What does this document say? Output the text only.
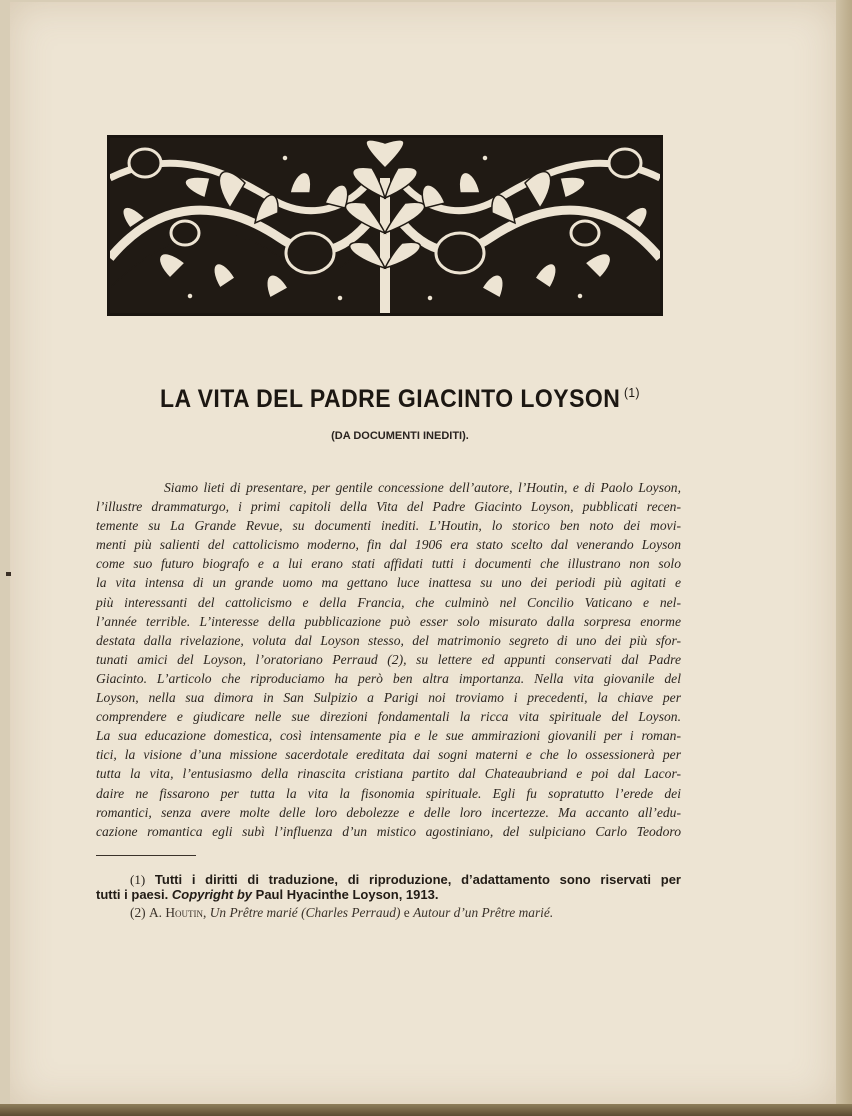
LA VITA DEL PADRE GIACINTO LOYSON $^{(1)}$
(DA DOCUMENTI INEDITI).
Siamo lieti di presentare, per gentile concessione dell’autore, l’Houtin, e di Paolo Loyson,
l’illustre drammaturgo, i primi capitoli della Vita del Padre Giacinto Loyson, pubblicati recen-
temente su La Grande Revue, su documenti inediti. L’Houtin, lo storico ben noto dei movi-
menti più salienti del cattolicismo moderno, fin dal 1906 era stato scelto dal venerando Loyson
come suo futuro biografo e a lui erano stati affidati tutti i documenti che illustrano non solo
la vita intensa di un grande uomo ma gettano luce inattesa su uno dei periodi più agitati e
più interessanti del cattolicismo e della Francia, che culminò nel Concilio Vaticano e nel-
l’année terrible. L’interesse della pubblicazione può esser solo misurato dalla sorpresa enorme
destata dalla rivelazione, voluta dal Loyson stesso, del matrimonio segreto di uno dei più sfor-
tunati amici del Loyson, l’oratoriano Perraud (2), su lettere ed appunti conservati dal Padre
Giacinto. L’articolo che riproduciamo ha però ben altra importanza. Nella vita giovanile del
Loyson, nella sua dimora in San Sulpizio a Parigi noi troviamo i precedenti, la chiave per
comprendere e giudicare nelle sue direzioni fondamentali la ricca vita spirituale del Loyson.
La sua educazione domestica, così intensamente pia e le sue ammirazioni giovanili per i roman-
tici, la visione d’una missione sacerdotale ereditata dai sogni materni e che lo ossessionerà per
tutta la vita, l’entusiasmo della rinascita cristiana partito dal Chateaubriand e poi dal Lacor-
daire ne fissarono per tutta la vita la fisonomia spirituale. Egli fu sopratutto l’erede dei
romantici, senza avere molte delle loro debolezze e delle loro incertezze. Ma accanto all’edu-
cazione romantica egli subì l’influenza d’un mistico agostiniano, del sulpiciano Carlo Teodoro
(1) Tutti i diritti di traduzione, di riproduzione, d’adattamento sono riservati per
tutti i paesi. Copyright by Paul Hyacinthe Loyson, 1913.
(2) A. Houtin, Un Prêtre marié (Charles Perraud) e Autour d’un Prêtre marié.
